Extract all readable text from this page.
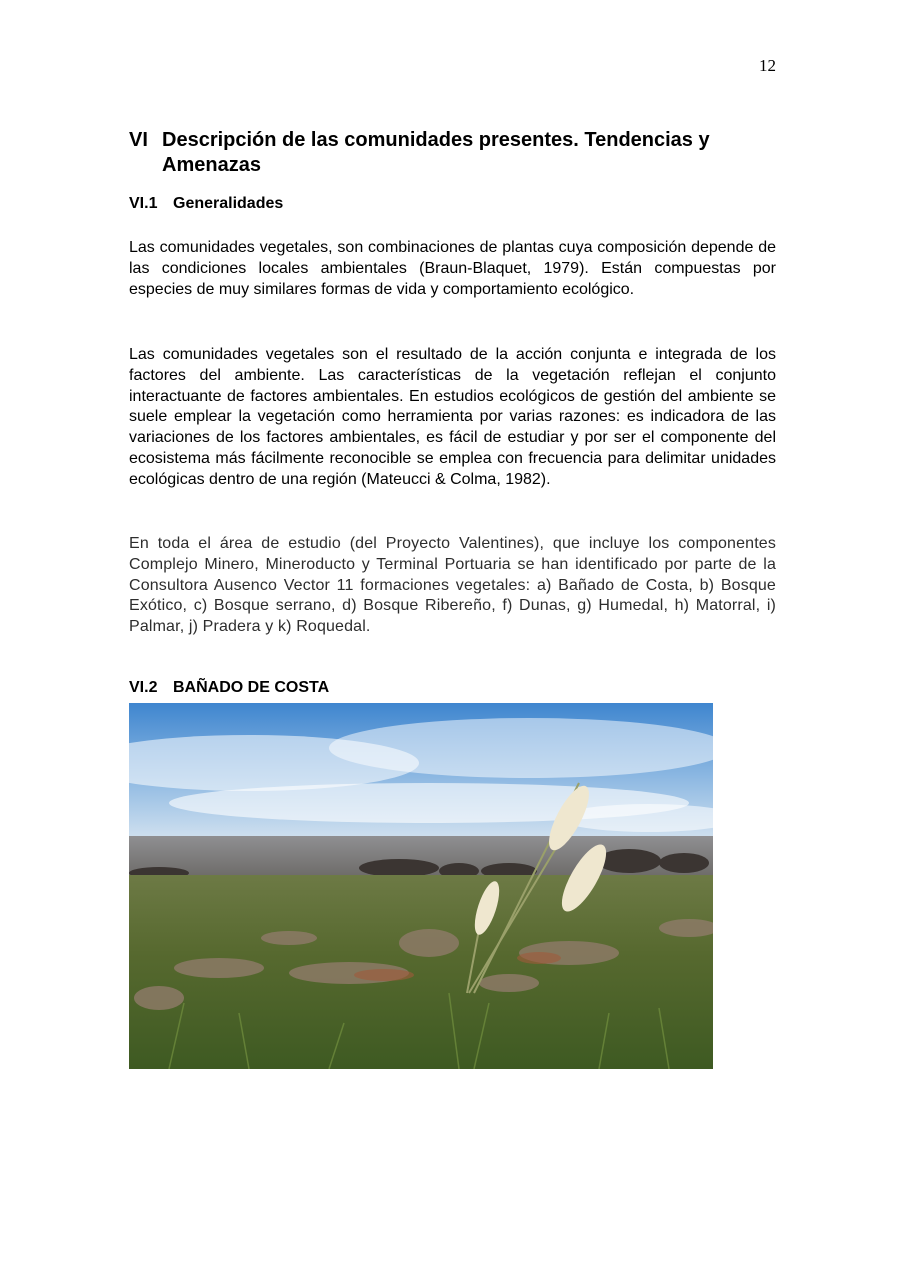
12
VI Descripción de las comunidades presentes. Tendencias y Amenazas
VI.1 Generalidades

Las comunidades vegetales, son combinaciones de plantas cuya composición depende de las condiciones locales ambientales (Braun-Blaquet, 1979). Están compuestas por especies de muy similares formas de vida y comportamiento ecológico.

Las comunidades vegetales son el resultado de la acción conjunta e integrada de los factores del ambiente. Las características de la vegetación reflejan el conjunto interactuante de factores ambientales. En estudios ecológicos de gestión del ambiente se suele emplear la vegetación como herramienta por varias razones: es indicadora de las variaciones de los factores ambientales, es fácil de estudiar y por ser el componente del ecosistema más fácilmente reconocible se emplea con frecuencia para delimitar unidades ecológicas dentro de una región (Mateucci & Colma, 1982).

En toda el área de estudio (del Proyecto Valentines), que incluye los componentes Complejo Minero, Mineroducto y Terminal Portuaria se han identificado por parte de la Consultora Ausenco Vector 11 formaciones vegetales: a) Bañado de Costa, b) Bosque Exótico, c) Bosque serrano, d) Bosque Ribereño, f) Dunas, g) Humedal, h) Matorral, i) Palmar, j) Pradera y k) Roquedal.

VI.2 BAÑADO DE COSTA
